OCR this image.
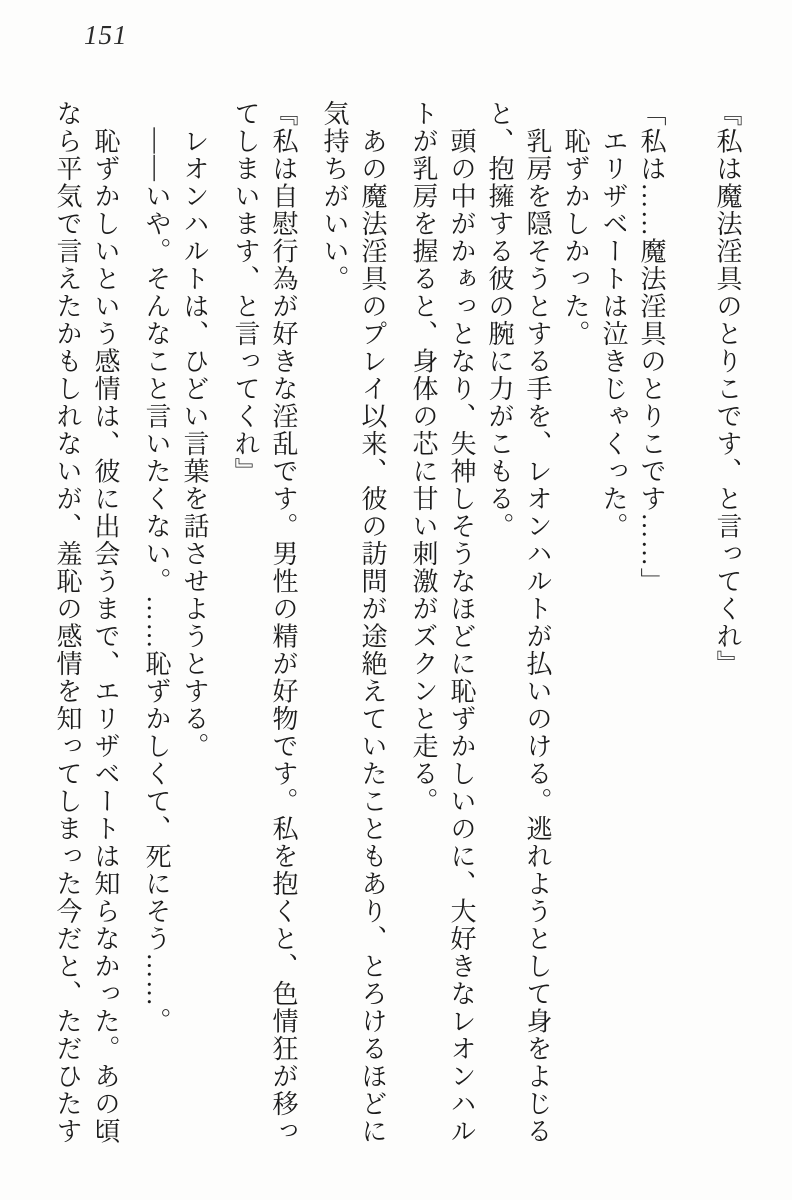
151
『私は魔法淫具のとりこです、と言ってくれ』
「私は……魔法淫具のとりこです……」
　エリザベートは泣きじゃくった。
　恥ずかしかった。
　乳房を隠そうとする手を、レオンハルトが払いのける。逃れようとして身をよじる
と、抱擁する彼の腕に力がこもる。
　頭の中がかぁっとなり、失神しそうなほどに恥ずかしいのに、大好きなレオンハル
トが乳房を握ると、身体の芯に甘い刺激がズクンと走る。
　あの魔法淫具のプレイ以来、彼の訪問が途絶えていたこともあり、とろけるほどに
気持ちがいい。
『私は自慰行為が好きな淫乱です。男性の精が好物です。私を抱くと、色情狂が移っ
てしまいます、と言ってくれ』
　レオンハルトは、ひどい言葉を話させようとする。
　――いや。そんなこと言いたくない。……恥ずかしくて、死にそう……。
　恥ずかしいという感情は、彼に出会うまで、エリザベートは知らなかった。あの頃
なら平気で言えたかもしれないが、羞恥の感情を知ってしまった今だと、ただひたす
